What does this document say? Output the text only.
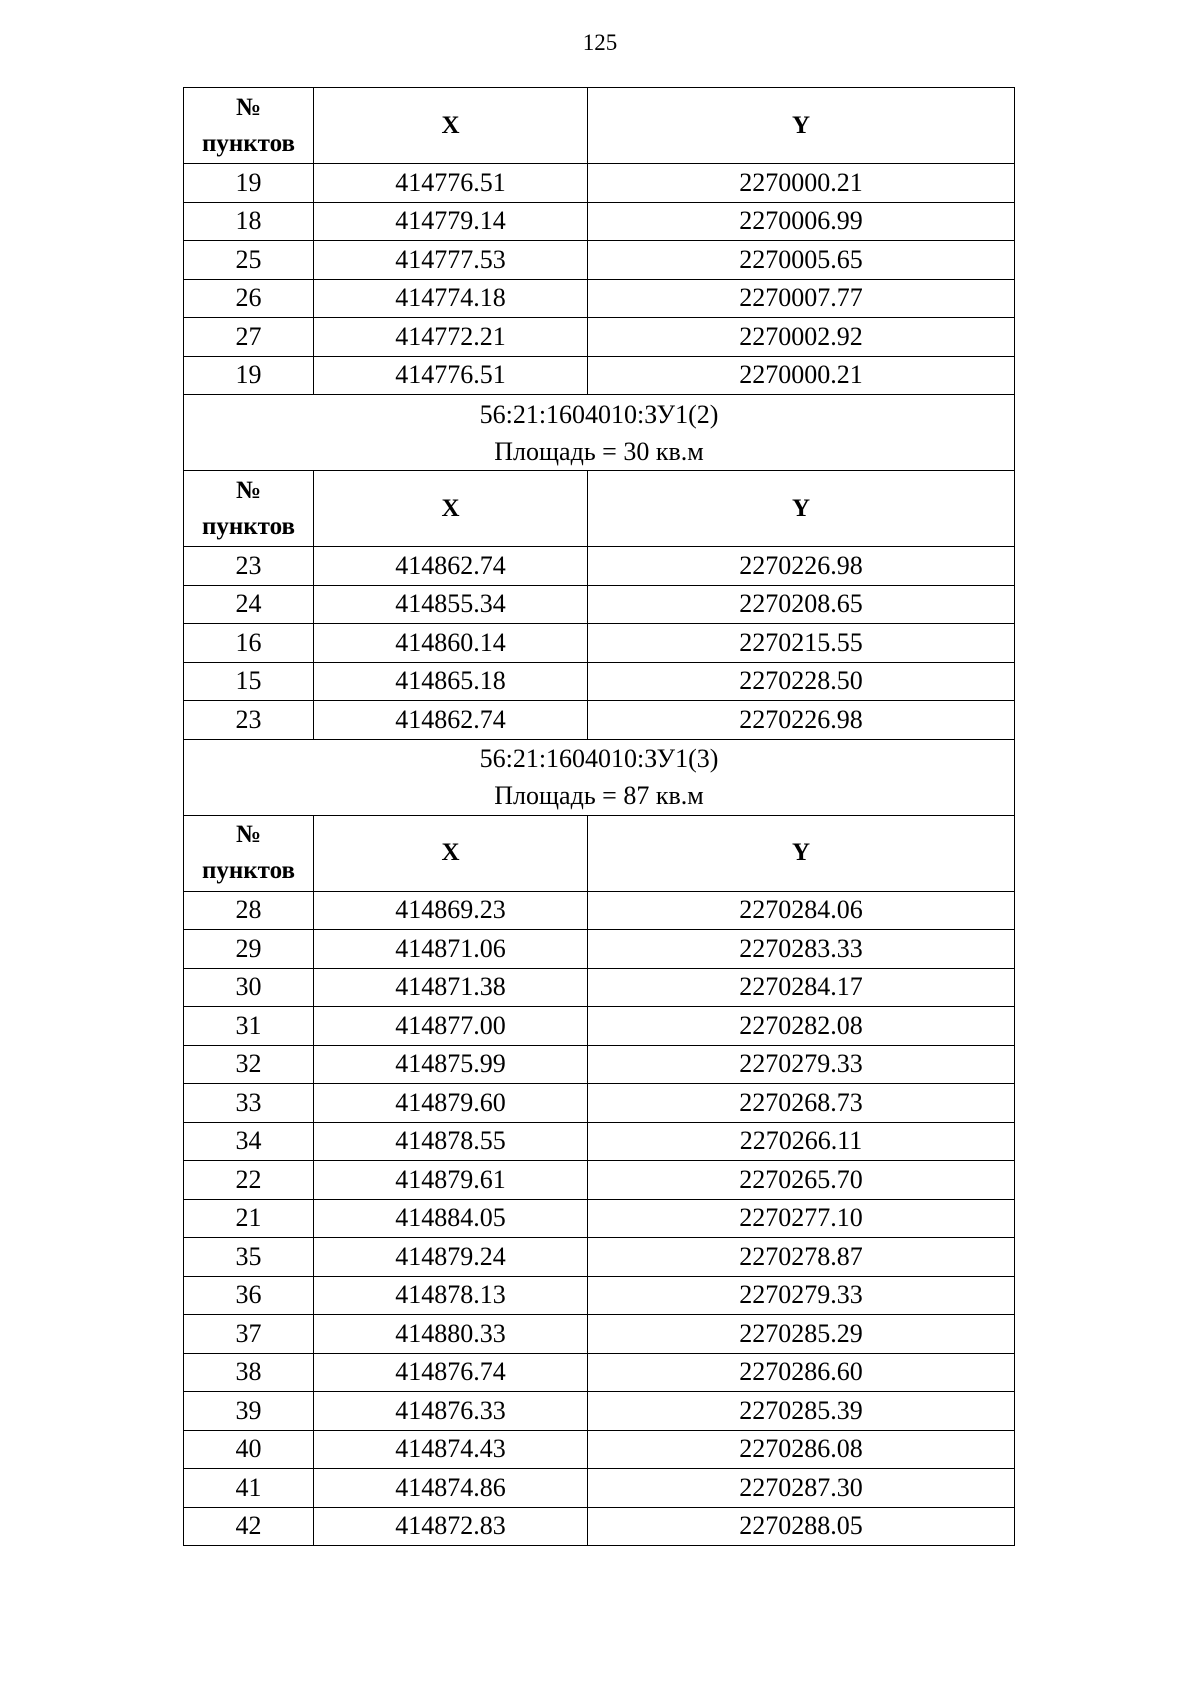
125
№
пунктов	X	Y
19	414776.51	2270000.21
18	414779.14	2270006.99
25	414777.53	2270005.65
26	414774.18	2270007.77
27	414772.21	2270002.92
19	414776.51	2270000.21

56:21:1604010:ЗУ1(2)
Площадь = 30 кв.м		

№
пунктов	X	Y
23	414862.74	2270226.98
24	414855.34	2270208.65
16	414860.14	2270215.55
15	414865.18	2270228.50
23	414862.74	2270226.98

56:21:1604010:ЗУ1(3)
Площадь = 87 кв.м		

№
пунктов	X	Y
28	414869.23	2270284.06
29	414871.06	2270283.33
30	414871.38	2270284.17
31	414877.00	2270282.08
32	414875.99	2270279.33
33	414879.60	2270268.73
34	414878.55	2270266.11
22	414879.61	2270265.70
21	414884.05	2270277.10
35	414879.24	2270278.87
36	414878.13	2270279.33
37	414880.33	2270285.29
38	414876.74	2270286.60
39	414876.33	2270285.39
40	414874.43	2270286.08
41	414874.86	2270287.30
42	414872.83	2270288.05
